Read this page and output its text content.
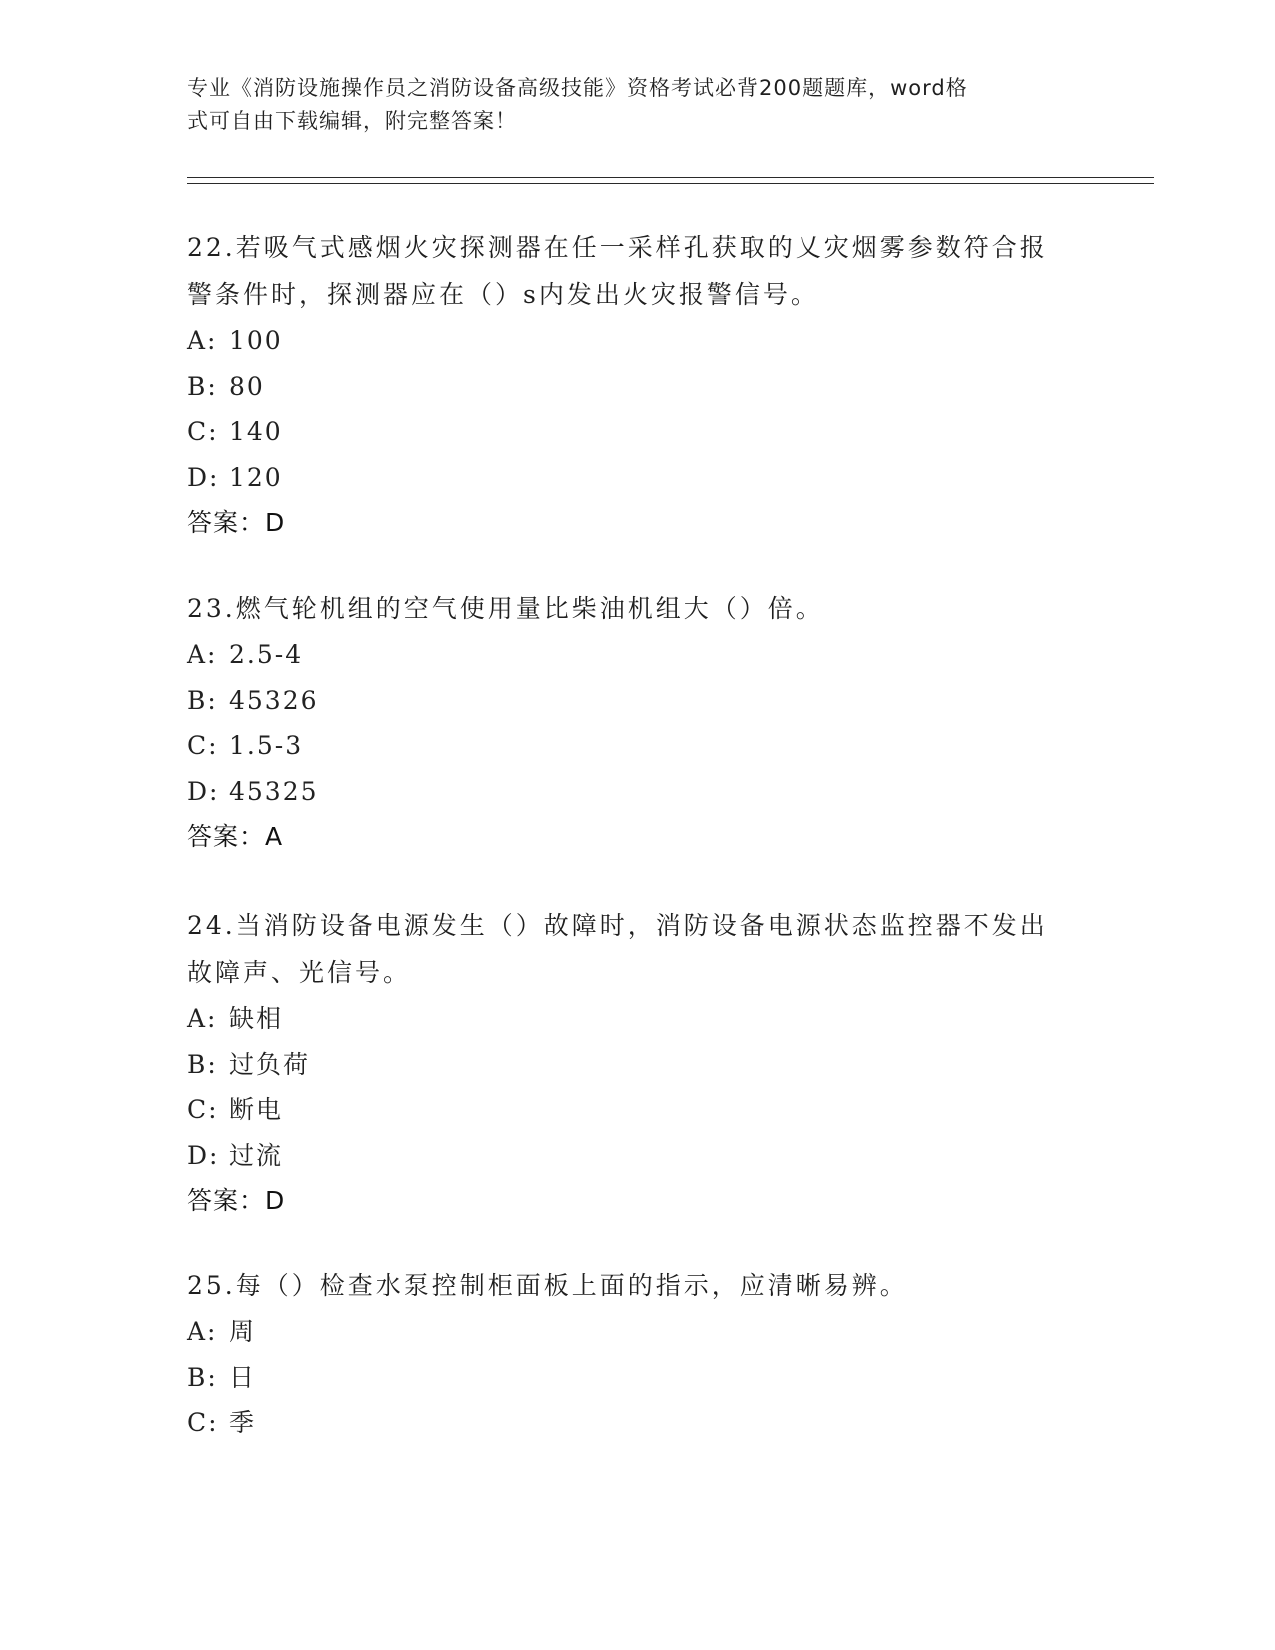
专业《消防设施操作员之消防设备高级技能》资格考试必背200题题库，word格
式可自由下载编辑，附完整答案！
22.若吸气式感烟火灾探测器在任一采样孔获取的乂灾烟雾参数符合报警条件时，探测器应在（）s内发出火灾报警信号。
A: 100
B: 80
C: 140
D: 120
答案：D
23.燃气轮机组的空气使用量比柴油机组大（）倍。
A: 2.5-4
B: 45326
C: 1.5-3
D: 45325
答案：A
24.当消防设备电源发生（）故障时，消防设备电源状态监控器不发出故障声、光信号。
A: 缺相
B: 过负荷
C: 断电
D: 过流
答案：D
25.每（）检查水泵控制柜面板上面的指示，应清晰易辨。
A: 周
B: 日
C: 季
